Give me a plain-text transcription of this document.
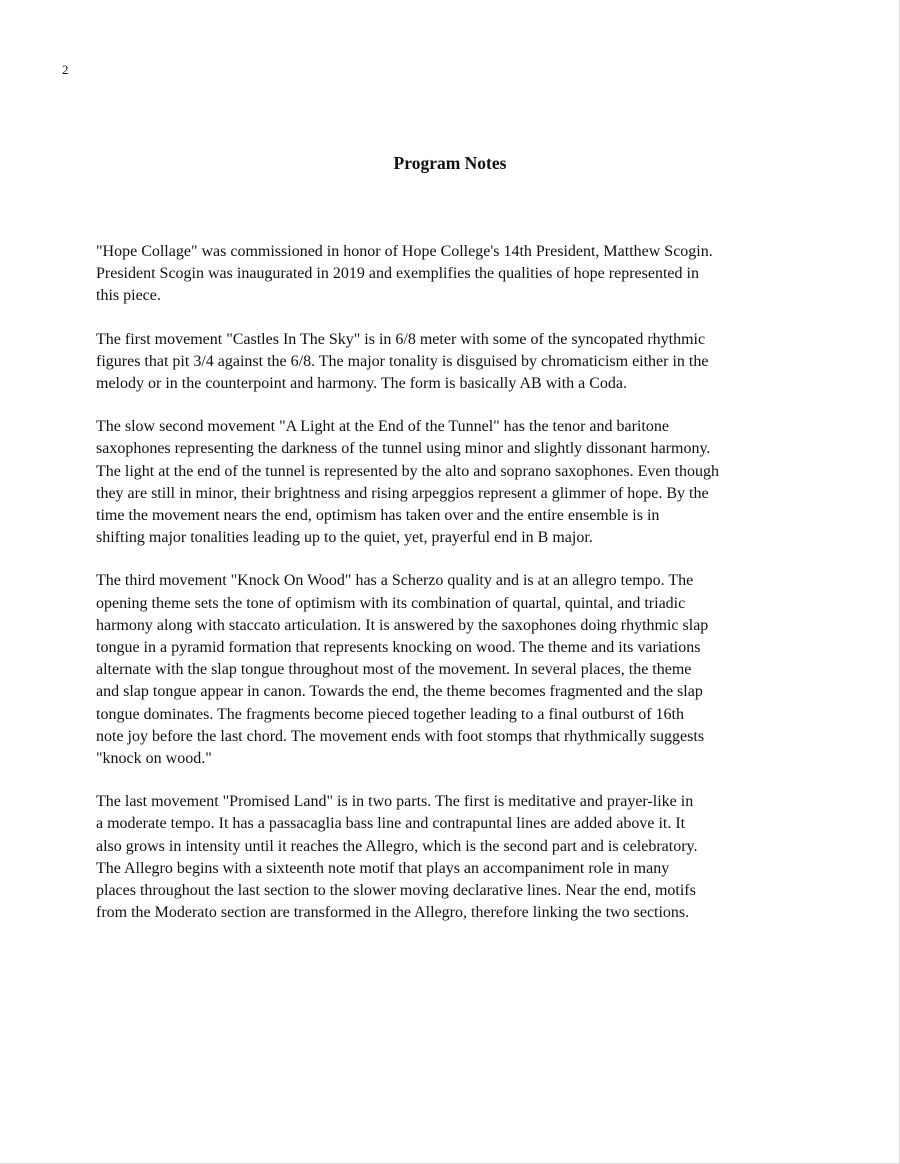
2
Program Notes

"Hope Collage" was commissioned in honor of Hope College's 14th President, Matthew Scogin.
President Scogin was inaugurated in 2019 and exemplifies the qualities of hope represented in
this piece.

The first movement "Castles In The Sky" is in 6/8 meter with some of the syncopated rhythmic
figures that pit 3/4 against the 6/8. The major tonality is disguised by chromaticism either in the
melody or in the counterpoint and harmony. The form is basically AB with a Coda.

The slow second movement "A Light at the End of the Tunnel" has the tenor and baritone
saxophones representing the darkness of the tunnel using minor and slightly dissonant harmony.
The light at the end of the tunnel is represented by the alto and soprano saxophones. Even though
they are still in minor, their brightness and rising arpeggios represent a glimmer of hope. By the
time the movement nears the end, optimism has taken over and the entire ensemble is in
shifting major tonalities leading up to the quiet, yet, prayerful end in B major.

The third movement "Knock On Wood" has a Scherzo quality and is at an allegro tempo. The
opening theme sets the tone of optimism with its combination of quartal, quintal, and triadic
harmony along with staccato articulation. It is answered by the saxophones doing rhythmic slap
tongue in a pyramid formation that represents knocking on wood. The theme and its variations
alternate with the slap tongue throughout most of the movement. In several places, the theme
and slap tongue appear in canon. Towards the end, the theme becomes fragmented and the slap
tongue dominates. The fragments become pieced together leading to a final outburst of 16th
note joy before the last chord. The movement ends with foot stomps that rhythmically suggests
"knock on wood."

The last movement "Promised Land" is in two parts. The first is meditative and prayer-like in
a moderate tempo. It has a passacaglia bass line and contrapuntal lines are added above it. It
also grows in intensity until it reaches the Allegro, which is the second part and is celebratory.
The Allegro begins with a sixteenth note motif that plays an accompaniment role in many
places throughout the last section to the slower moving declarative lines. Near the end, motifs
from the Moderato section are transformed in the Allegro, therefore linking the two sections.
